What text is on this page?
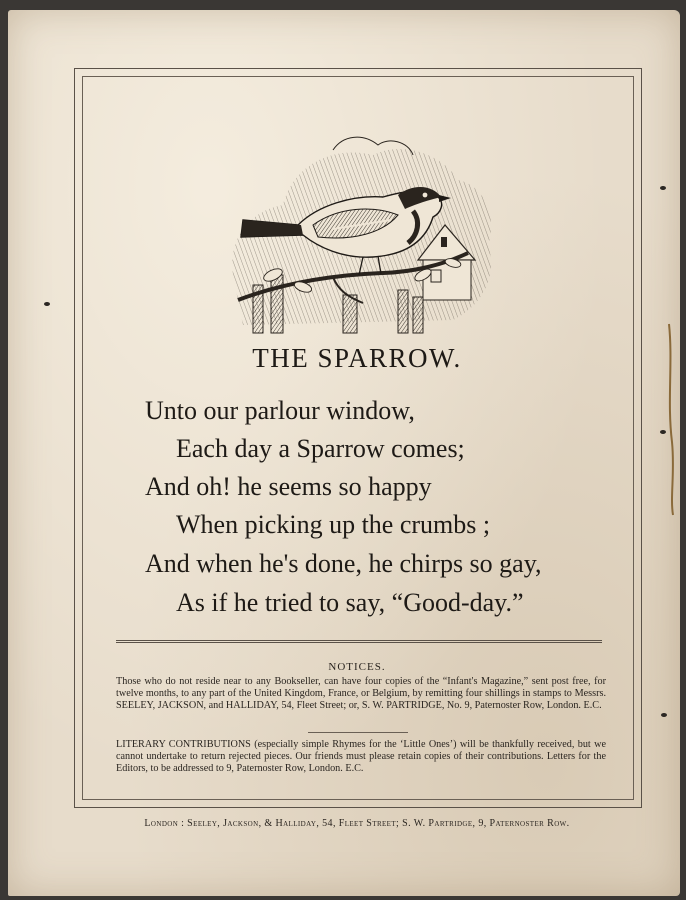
THE SPARROW.
Unto our parlour window,
Each day a Sparrow comes;
And oh! he seems so happy
When picking up the crumbs ;
And when he's done, he chirps so gay,
As if he tried to say, “Good-day.”
NOTICES.
Those who do not reside near to any Bookseller, can have four copies of the “Infant's Magazine,” sent post free, for twelve months, to any part of the United Kingdom, France, or Belgium, by remitting four shillings in stamps to Messrs. SEELEY, JACKSON, and HALLIDAY, 54, Fleet Street; or, S. W. PARTRIDGE, No. 9, Paternoster Row, London. E.C.
LITERARY CONTRIBUTIONS (especially simple Rhymes for the ‘Little Ones’) will be thankfully received, but we cannot undertake to return rejected pieces. Our friends must please retain copies of their contributions. Letters for the Editors, to be addressed to 9, Paternoster Row, London. E.C.
London : Seeley, Jackson, & Halliday, 54, Fleet Street; S. W. Partridge, 9, Paternoster Row.
